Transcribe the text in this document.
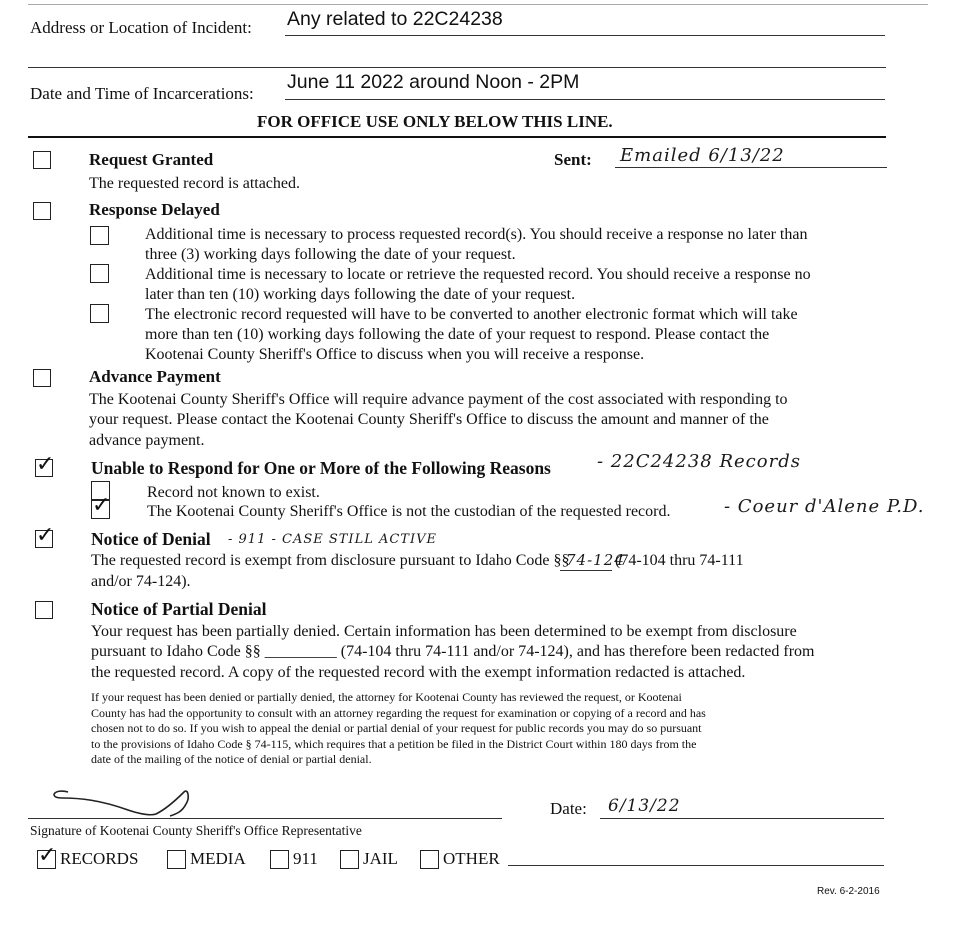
Address or Location of Incident: Any related to 22C24238
Date and Time of Incarcerations:
June 11 2022 around Noon - 2PM
FOR OFFICE USE ONLY BELOW THIS LINE.
Request Granted	Sent: Emailed 6/13/22
The requested record is attached.
Response Delayed
Additional time is necessary to process requested record(s). You should receive a response no later than
three (3) working days following the date of your request.
Additional time is necessary to locate or retrieve the requested record. You should receive a response no
later than ten (10) working days following the date of your request.
The electronic record requested will have to be converted to another electronic format which will take
more than ten (10) working days following the date of your request to respond. Please contact the
Kootenai County Sheriff's Office to discuss when you will receive a response.
Advance Payment
The Kootenai County Sheriff's Office will require advance payment of the cost associated with responding to
your request. Please contact the Kootenai County Sheriff's Office to discuss the amount and manner of the
advance payment.
✓ Unable to Respond for One or More of the Following Reasons	- 22C24238 Records
Record not known to exist.
✓ The Kootenai County Sheriff's Office is not the custodian of the requested record.	- Coeur d'Alene P.D.
✓ Notice of Denial - 911 - CASE STILL ACTIVE
The requested record is exempt from disclosure pursuant to Idaho Code §§
74-124
(74-104 thru 74-111
and/or 74-124).
Notice of Partial Denial
Your request has been partially denied. Certain information has been determined to be exempt from disclosure
pursuant to Idaho Code §§ _________ (74-104 thru 74-111 and/or 74-124), and has therefore been redacted from
the requested record. A copy of the requested record with the exempt information redacted is attached.
If your request has been denied or partially denied, the attorney for Kootenai County has reviewed the request, or Kootenai
County has had the opportunity to consult with an attorney regarding the request for examination or copying of a record and has
chosen not to do so. If you wish to appeal the denial or partial denial of your request for public records you may do so pursuant
to the provisions of Idaho Code § 74-115, which requires that a petition be filed in the District Court within 180 days from the
date of the mailing of the notice of denial or partial denial.
Signature of Kootenai County Sheriff's Office Representative
Date: 6/13/22
✓ RECORDS	MEDIA	911	JAIL	OTHER
Rev. 6-2-2016
